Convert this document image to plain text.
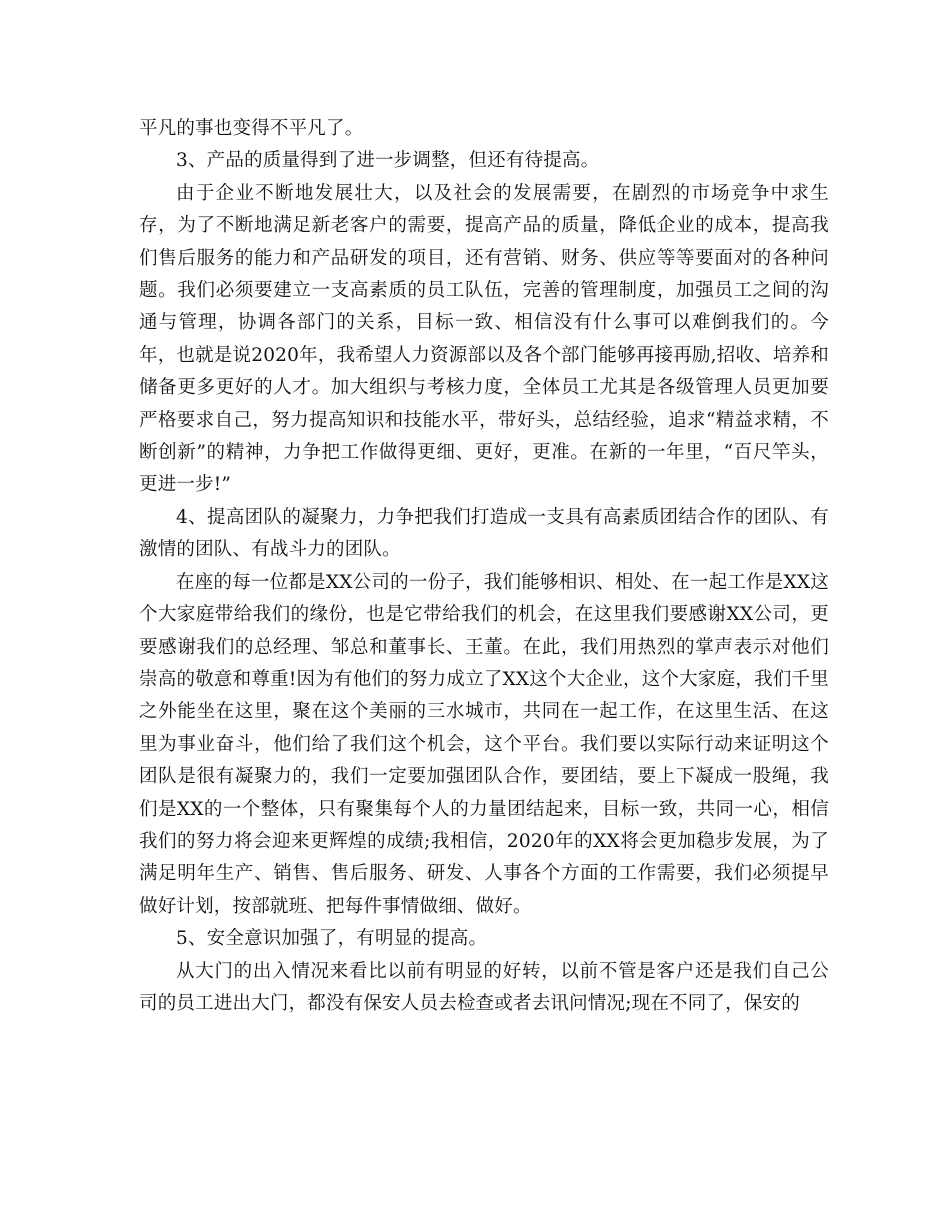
平凡的事也变得不平凡了。

3、产品的质量得到了进一步调整，但还有待提高。

由于企业不断地发展壮大，以及社会的发展需要，在剧烈的市场竞争中求生存，为了不断地满足新老客户的需要，提高产品的质量，降低企业的成本，提高我们售后服务的能力和产品研发的项目，还有营销、财务、供应等等要面对的各种问题。我们必须要建立一支高素质的员工队伍，完善的管理制度，加强员工之间的沟通与管理，协调各部门的关系，目标一致、相信没有什么事可以难倒我们的。今年，也就是说2020年，我希望人力资源部以及各个部门能够再接再励,招收、培养和储备更多更好的人才。加大组织与考核力度，全体员工尤其是各级管理人员更加要严格要求自己，努力提高知识和技能水平，带好头，总结经验，追求“精益求精，不断创新”的精神，力争把工作做得更细、更好，更准。在新的一年里，“百尺竿头，更进一步!”

4、提高团队的凝聚力，力争把我们打造成一支具有高素质团结合作的团队、有激情的团队、有战斗力的团队。

在座的每一位都是XX公司的一份子，我们能够相识、相处、在一起工作是XX这个大家庭带给我们的缘份，也是它带给我们的机会，在这里我们要感谢XX公司，更要感谢我们的总经理、邹总和董事长、王董。在此，我们用热烈的掌声表示对他们崇高的敬意和尊重!因为有他们的努力成立了XX这个大企业，这个大家庭，我们千里之外能坐在这里，聚在这个美丽的三水城市，共同在一起工作，在这里生活、在这里为事业奋斗，他们给了我们这个机会，这个平台。我们要以实际行动来证明这个团队是很有凝聚力的，我们一定要加强团队合作，要团结，要上下凝成一股绳，我们是XX的一个整体，只有聚集每个人的力量团结起来，目标一致，共同一心，相信我们的努力将会迎来更辉煌的成绩;我相信，2020年的XX将会更加稳步发展，为了满足明年生产、销售、售后服务、研发、人事各个方面的工作需要，我们必须提早做好计划，按部就班、把每件事情做细、做好。

5、安全意识加强了，有明显的提高。

从大门的出入情况来看比以前有明显的好转，以前不管是客户还是我们自己公司的员工进出大门，都没有保安人员去检查或者去讯问情况;现在不同了，保安的
